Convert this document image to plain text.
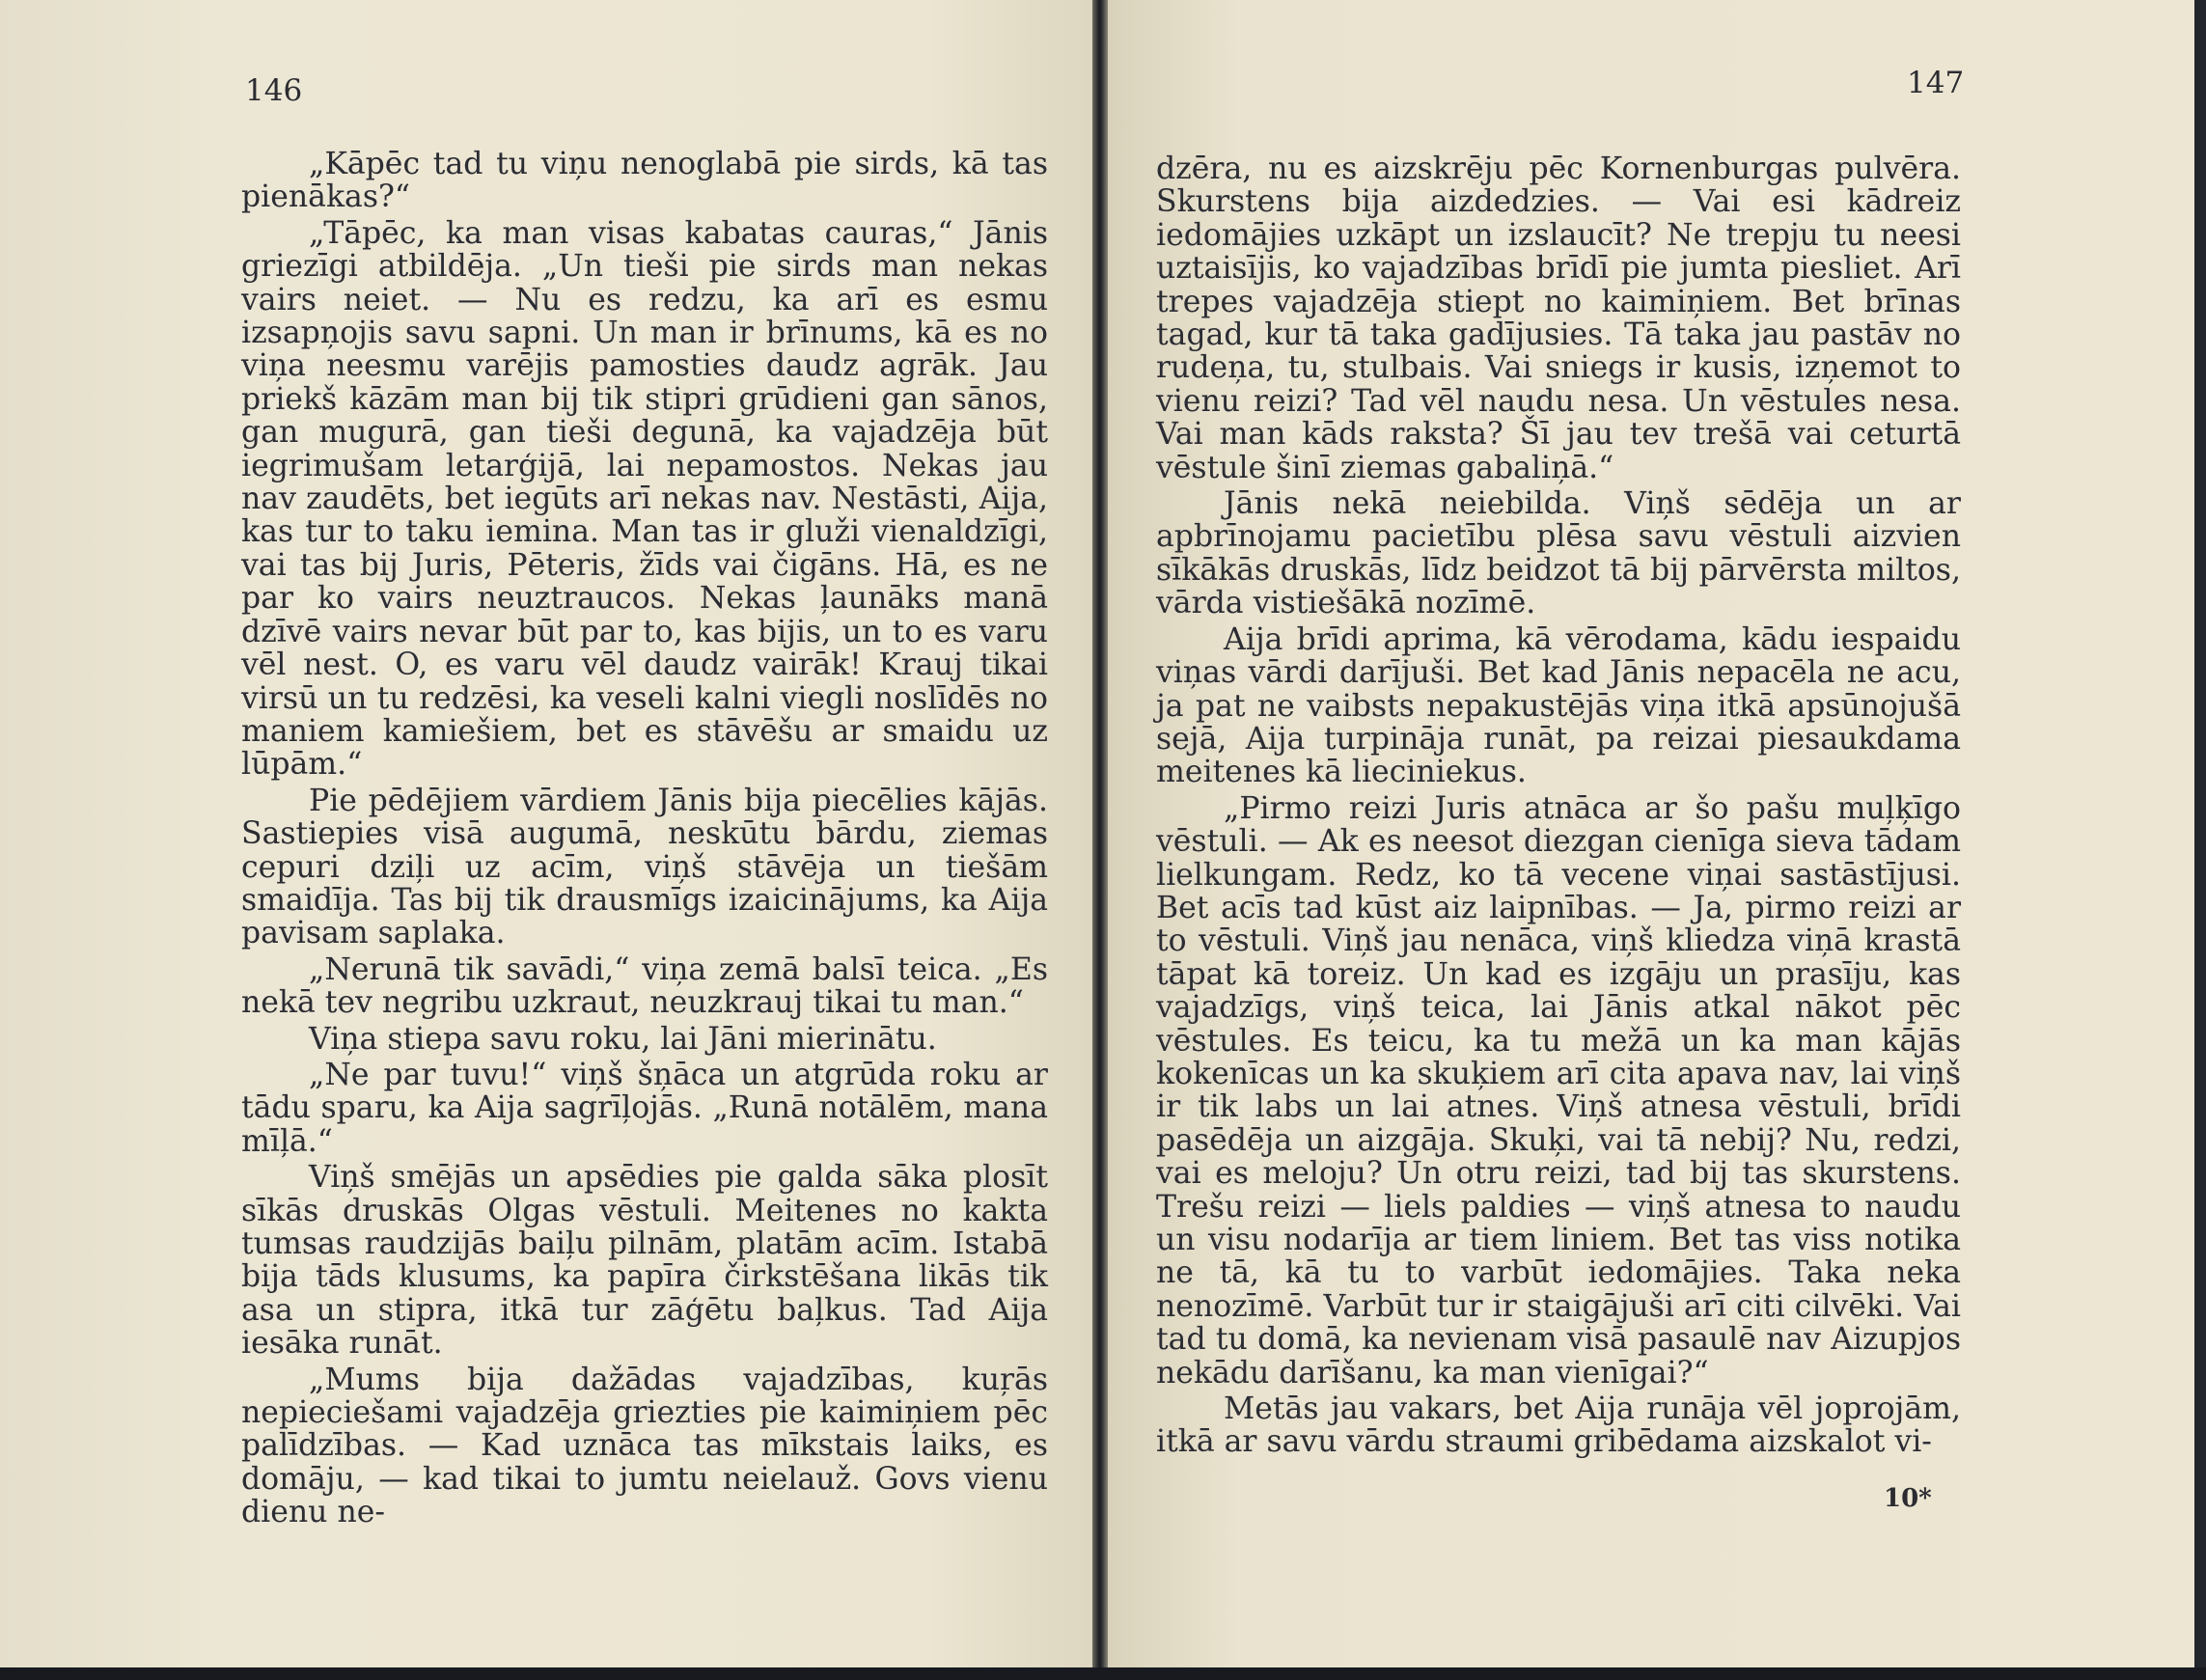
146

„Kāpēc tad tu viņu nenoglabā pie sirds, kā tas pienākas?“

„Tāpēc, ka man visas kabatas cauras,“ Jānis griezīgi atbildēja. „Un tieši pie sirds man nekas vairs neiet. — Nu es redzu, ka arī es esmu izsapņojis savu sapni. Un man ir brīnums, kā es no viņa neesmu varējis pamosties daudz agrāk. Jau priekš kāzām man bij tik stipri grūdieni gan sānos, gan mugurā, gan tieši degunā, ka vajadzēja būt iegrimušam letarģijā, lai nepamostos. Nekas jau nav zaudēts, bet iegūts arī nekas nav. Nestāsti, Aija, kas tur to taku iemina. Man tas ir gluži vienaldzīgi, vai tas bij Juris, Pēteris, žīds vai čigāns. Hā, es ne par ko vairs neuztraucos. Nekas ļaunāks manā dzīvē vairs nevar būt par to, kas bijis, un to es varu vēl nest. O, es varu vēl daudz vairāk! Krauj tikai virsū un tu redzēsi, ka veseli kalni viegli noslīdēs no maniem kamiešiem, bet es stāvēšu ar smaidu uz lūpām.“

Pie pēdējiem vārdiem Jānis bija piecēlies kājās. Sastiepies visā augumā, neskūtu bārdu, ziemas cepuri dziļi uz acīm, viņš stāvēja un tiešām smaidīja. Tas bij tik drausmīgs izaicinājums, ka Aija pavisam saplaka.

„Nerunā tik savādi,“ viņa zemā balsī teica. „Es nekā tev negribu uzkraut, neuzkrauj tikai tu man.“

Viņa stiepa savu roku, lai Jāni mierinātu.

„Ne par tuvu!“ viņš šņāca un atgrūda roku ar tādu sparu, ka Aija sagrīļojās. „Runā notālēm, mana mīļā.“

Viņš smējās un apsēdies pie galda sāka plosīt sīkās druskās Olgas vēstuli. Meitenes no kakta tumsas raudzijās baiļu pilnām, platām acīm. Istabā bija tāds klusums, ka papīra čirkstēšana likās tik asa un stipra, itkā tur zāģētu baļkus. Tad Aija iesāka runāt.

„Mums bija dažādas vajadzības, kuŗās nepieciešami vajadzēja griezties pie kaimiņiem pēc palīdzības. — Kad uznāca tas mīkstais laiks, es domāju, — kad tikai to jumtu neielauž. Govs vienu dienu ne-

147

dzēra, nu es aizskrēju pēc Kornenburgas pulvēra. Skurstens bija aizdedzies. — Vai esi kādreiz iedomājies uzkāpt un izslaucīt? Ne trepju tu neesi uztaisījis, ko vajadzības brīdī pie jumta piesliet. Arī trepes vajadzēja stiept no kaimiņiem. Bet brīnas tagad, kur tā taka gadījusies. Tā taka jau pastāv no rudeņa, tu, stulbais. Vai sniegs ir kusis, izņemot to vienu reizi? Tad vēl naudu nesa. Un vēstules nesa. Vai man kāds raksta? Šī jau tev trešā vai ceturtā vēstule šinī ziemas gabaliņā.“

Jānis nekā neiebilda. Viņš sēdēja un ar apbrīnojamu pacietību plēsa savu vēstuli aizvien sīkākās druskās, līdz beidzot tā bij pārvērsta miltos, vārda vistiešākā nozīmē.

Aija brīdi aprima, kā vērodama, kādu iespaidu viņas vārdi darījuši. Bet kad Jānis nepacēla ne acu, ja pat ne vaibsts nepakustējās viņa itkā apsūnojušā sejā, Aija turpināja runāt, pa reizai piesaukdama meitenes kā lieciniekus.

„Pirmo reizi Juris atnāca ar šo pašu muļķīgo vēstuli. — Ak es neesot diezgan cienīga sieva tādam lielkungam. Redz, ko tā vecene viņai sastāstījusi. Bet acīs tad kūst aiz laipnības. — Ja, pirmo reizi ar to vēstuli. Viņš jau nenāca, viņš kliedza viņā krastā tāpat kā toreiz. Un kad es izgāju un prasīju, kas vajadzīgs, viņš teica, lai Jānis atkal nākot pēc vēstules. Es teicu, ka tu mežā un ka man kājās kokenīcas un ka skuķiem arī cita apava nav, lai viņš ir tik labs un lai atnes. Viņš atnesa vēstuli, brīdi pasēdēja un aizgāja. Skuķi, vai tā nebij? Nu, redzi, vai es meloju? Un otru reizi, tad bij tas skurstens. Trešu reizi — liels paldies — viņš atnesa to naudu un visu nodarīja ar tiem liniem. Bet tas viss notika ne tā, kā tu to varbūt iedomājies. Taka neka nenozīmē. Varbūt tur ir staigājuši arī citi cilvēki. Vai tad tu domā, ka nevienam visā pasaulē nav Aizupjos nekādu darīšanu, ka man vienīgai?“

Metās jau vakars, bet Aija runāja vēl joprojām, itkā ar savu vārdu straumi gribēdama aizskalot vi-

10*
